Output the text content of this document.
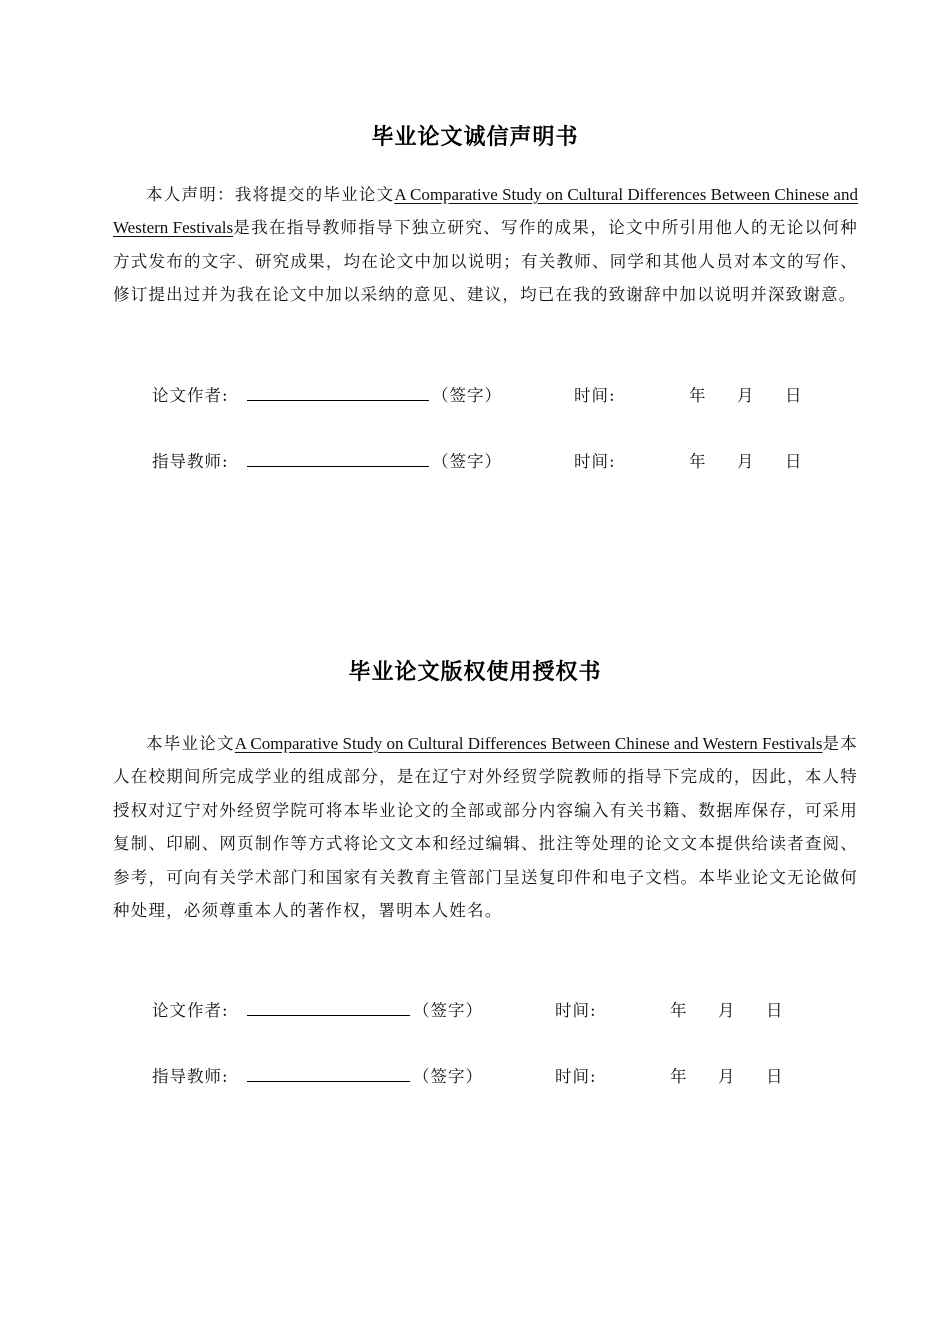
毕业论文诚信声明书
本人声明：我将提交的毕业论文A Comparative Study on Cultural Differences Between Chinese and Western Festivals是我在指导教师指导下独立研究、写作的成果，论文中所引用他人的无论以何种方式发布的文字、研究成果，均在论文中加以说明；有关教师、同学和其他人员对本文的写作、修订提出过并为我在论文中加以采纳的意见、建议，均已在我的致谢辞中加以说明并深致谢意。
论文作者:	（签字）	时间:	年 月 日
指导教师:	（签字）	时间:	年 月 日
毕业论文版权使用授权书
本毕业论文A Comparative Study on Cultural Differences Between Chinese and Western Festivals是本人在校期间所完成学业的组成部分，是在辽宁对外经贸学院教师的指导下完成的，因此，本人特授权对辽宁对外经贸学院可将本毕业论文的全部或部分内容编入有关书籍、数据库保存，可采用复制、印刷、网页制作等方式将论文文本和经过编辑、批注等处理的论文文本提供给读者查阅、参考，可向有关学术部门和国家有关教育主管部门呈送复印件和电子文档。本毕业论文无论做何种处理，必须尊重本人的著作权，署明本人姓名。
论文作者:	（签字）	时间:	年 月 日
指导教师:	（签字）	时间:	年 月 日
